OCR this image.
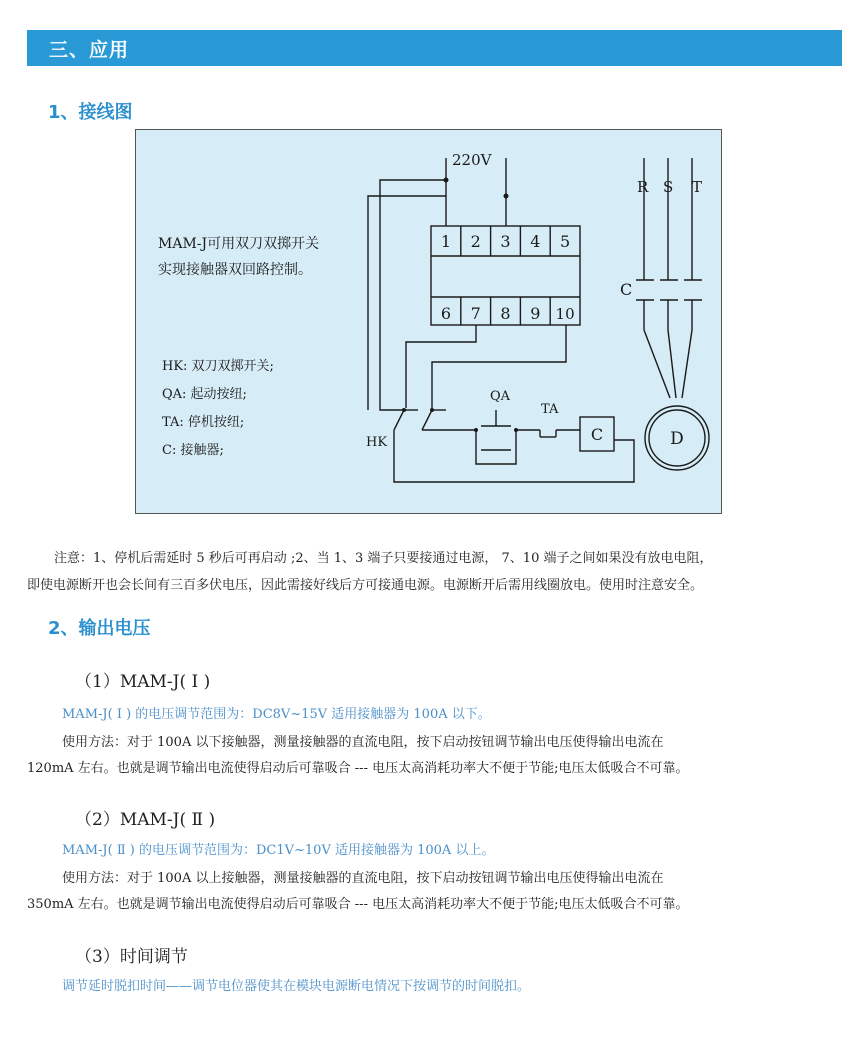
三、应用
1、接线图
220V
1 2 3 4 5
6 7 8 9 10
MAM-J可用双刀双掷开关
实现接触器双回路控制。
HK: 双刀双掷开关;
QA: 起动按纽;
TA: 停机按纽;
C: 接触器;
HK
QA
TA
C
R S T
C
D
注意：1、停机后需延时 5 秒后可再启动 ;2、当 1、3 端子只要接通过电源， 7、10 端子之间如果没有放电电阻，
即使电源断开也会长间有三百多伏电压，因此需接好线后方可接通电源。电源断开后需用线圈放电。使用时注意安全。
2、输出电压
（1）MAM-J( Ⅰ )
MAM-J( Ⅰ ) 的电压调节范围为：DC8V~15V 适用接触器为 100A 以下。
使用方法：对于 100A 以下接触器，测量接触器的直流电阻，按下启动按钮调节输出电压使得输出电流在
120mA 左右。也就是调节输出电流使得启动后可靠吸合 --- 电压太高消耗功率大不便于节能;电压太低吸合不可靠。
（2）MAM-J( Ⅱ )
MAM-J( Ⅱ ) 的电压调节范围为：DC1V~10V 适用接触器为 100A 以上。
使用方法：对于 100A 以上接触器，测量接触器的直流电阻，按下启动按钮调节输出电压使得输出电流在
350mA 左右。也就是调节输出电流使得启动后可靠吸合 --- 电压太高消耗功率大不便于节能;电压太低吸合不可靠。
（3）时间调节
调节延时脱扣时间——调节电位器使其在模块电源断电情况下按调节的时间脱扣。
